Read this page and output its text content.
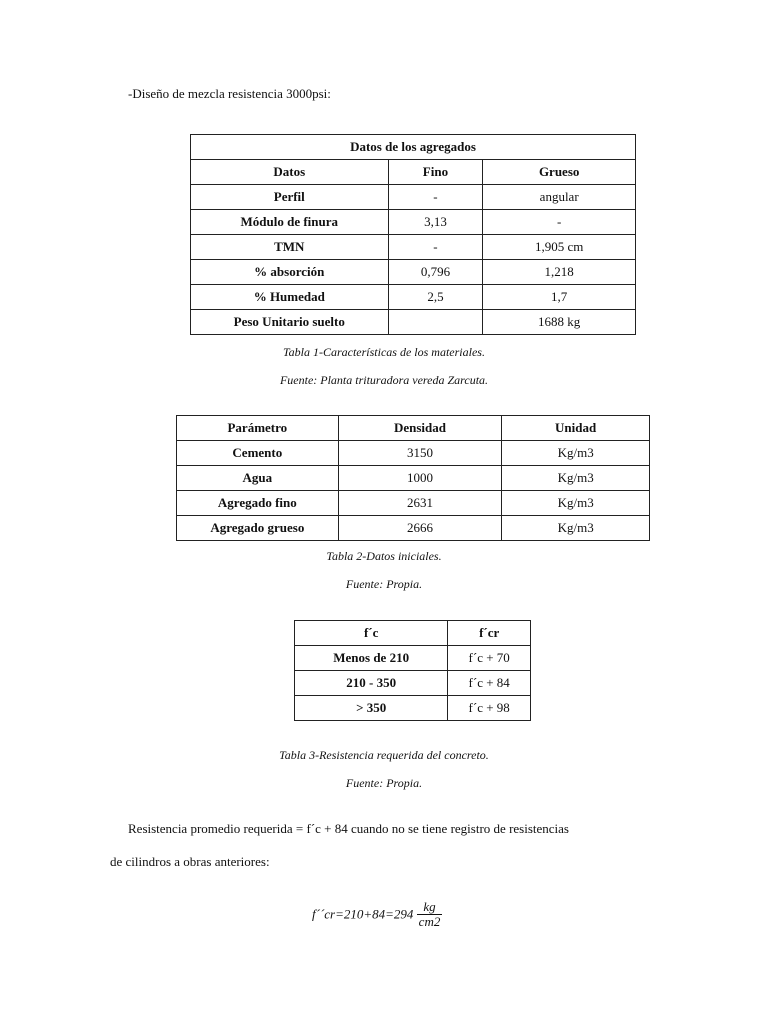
-Diseño de mezcla resistencia 3000psi:
Datos de los agregados		
Datos	Fino	Grueso
Perfil	-	angular
Módulo de finura	3,13	-
TMN	-	1,905 cm
% absorción	0,796	1,218
% Humedad	2,5	1,7
Peso Unitario suelto		1688 kg
Tabla 1-Características de los materiales.
Fuente: Planta trituradora vereda Zarcuta.
Parámetro	Densidad	Unidad
Cemento	3150	Kg/m3
Agua	1000	Kg/m3
Agregado fino	2631	Kg/m3
Agregado grueso	2666	Kg/m3
Tabla 2-Datos iniciales.
Fuente: Propia.
f´c	f´cr
Menos de 210	f´c + 70
210 - 350	f´c + 84
> 350	f´c + 98
Tabla 3-Resistencia requerida del concreto.
Fuente: Propia.
Resistencia promedio requerida = f´c + 84 cuando no se tiene registro de resistencias
de cilindros a obras anteriores:
f´´cr=210+84=294 $\frac{kg}{cm2}$
